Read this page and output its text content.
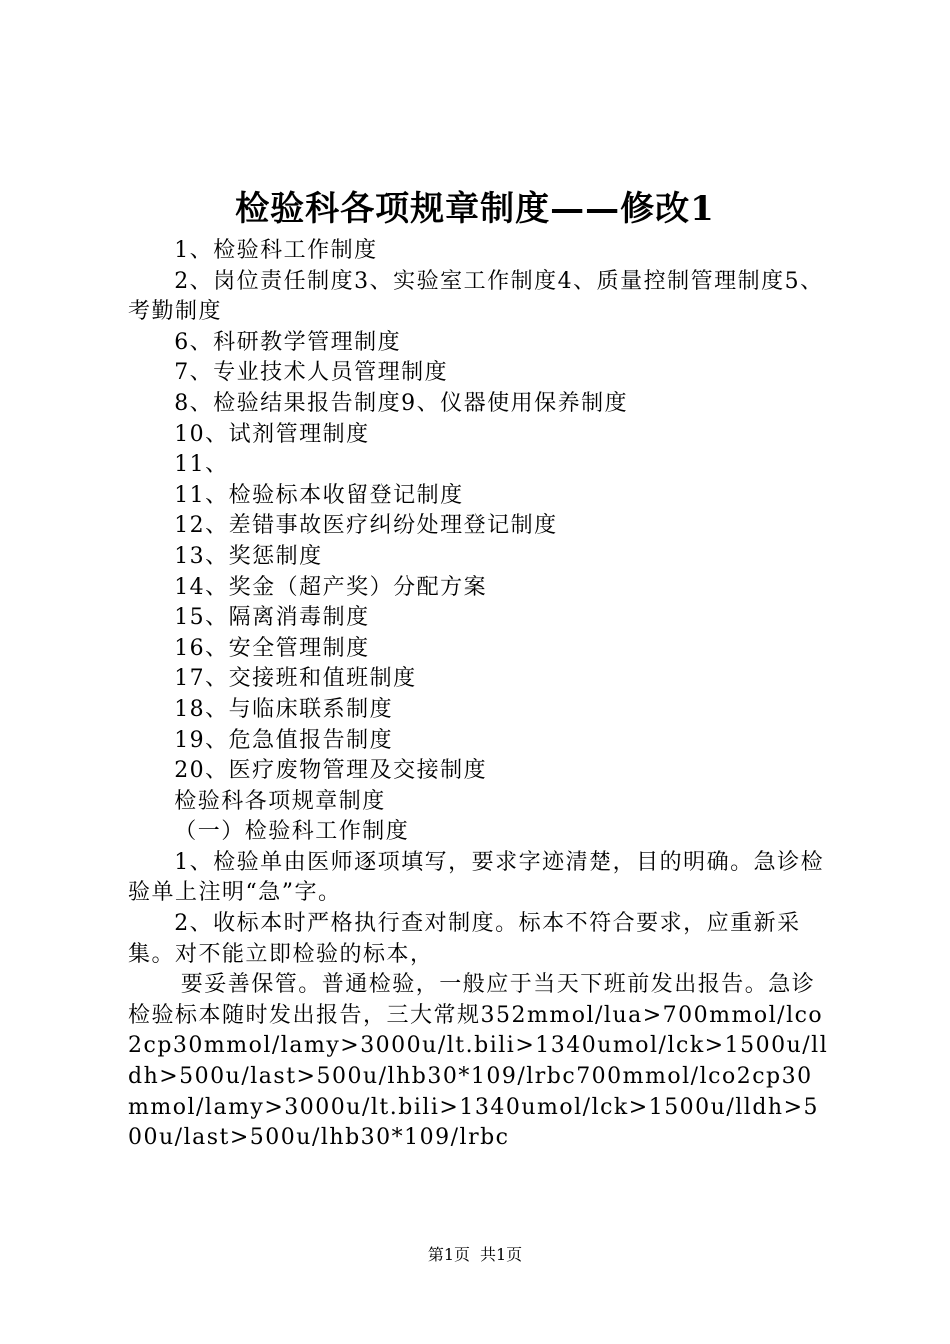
检验科各项规章制度——修改1

1、检验科工作制度

2、岗位责任制度3、实验室工作制度4、质量控制管理制度5、考勤制度

6、科研教学管理制度

7、专业技术人员管理制度

8、检验结果报告制度9、仪器使用保养制度

10、试剂管理制度

11、

11、检验标本收留登记制度

12、差错事故医疗纠纷处理登记制度

13、奖惩制度

14、奖金（超产奖）分配方案

15、隔离消毒制度

16、安全管理制度

17、交接班和值班制度

18、与临床联系制度

19、危急值报告制度

20、医疗废物管理及交接制度

检验科各项规章制度

（一）检验科工作制度

1、检验单由医师逐项填写，要求字迹清楚，目的明确。急诊检验单上注明“急”字。

2、收标本时严格执行查对制度。标本不符合要求，应重新采集。对不能立即检验的标本，

要妥善保管。普通检验，一般应于当天下班前发出报告。急诊检验标本随时发出报告，三大常规352mmol/lua>700mmol/lco2cp30mmol/lamy>3000u/lt.bili>1340umol/lck>1500u/lldh>500u/last>500u/lhb30*109/lrbc700mmol/lco2cp30mmol/lamy>3000u/lt.bili>1340umol/lck>1500u/lldh>500u/last>500u/lhb30*109/lrbc

第1页 共1页
